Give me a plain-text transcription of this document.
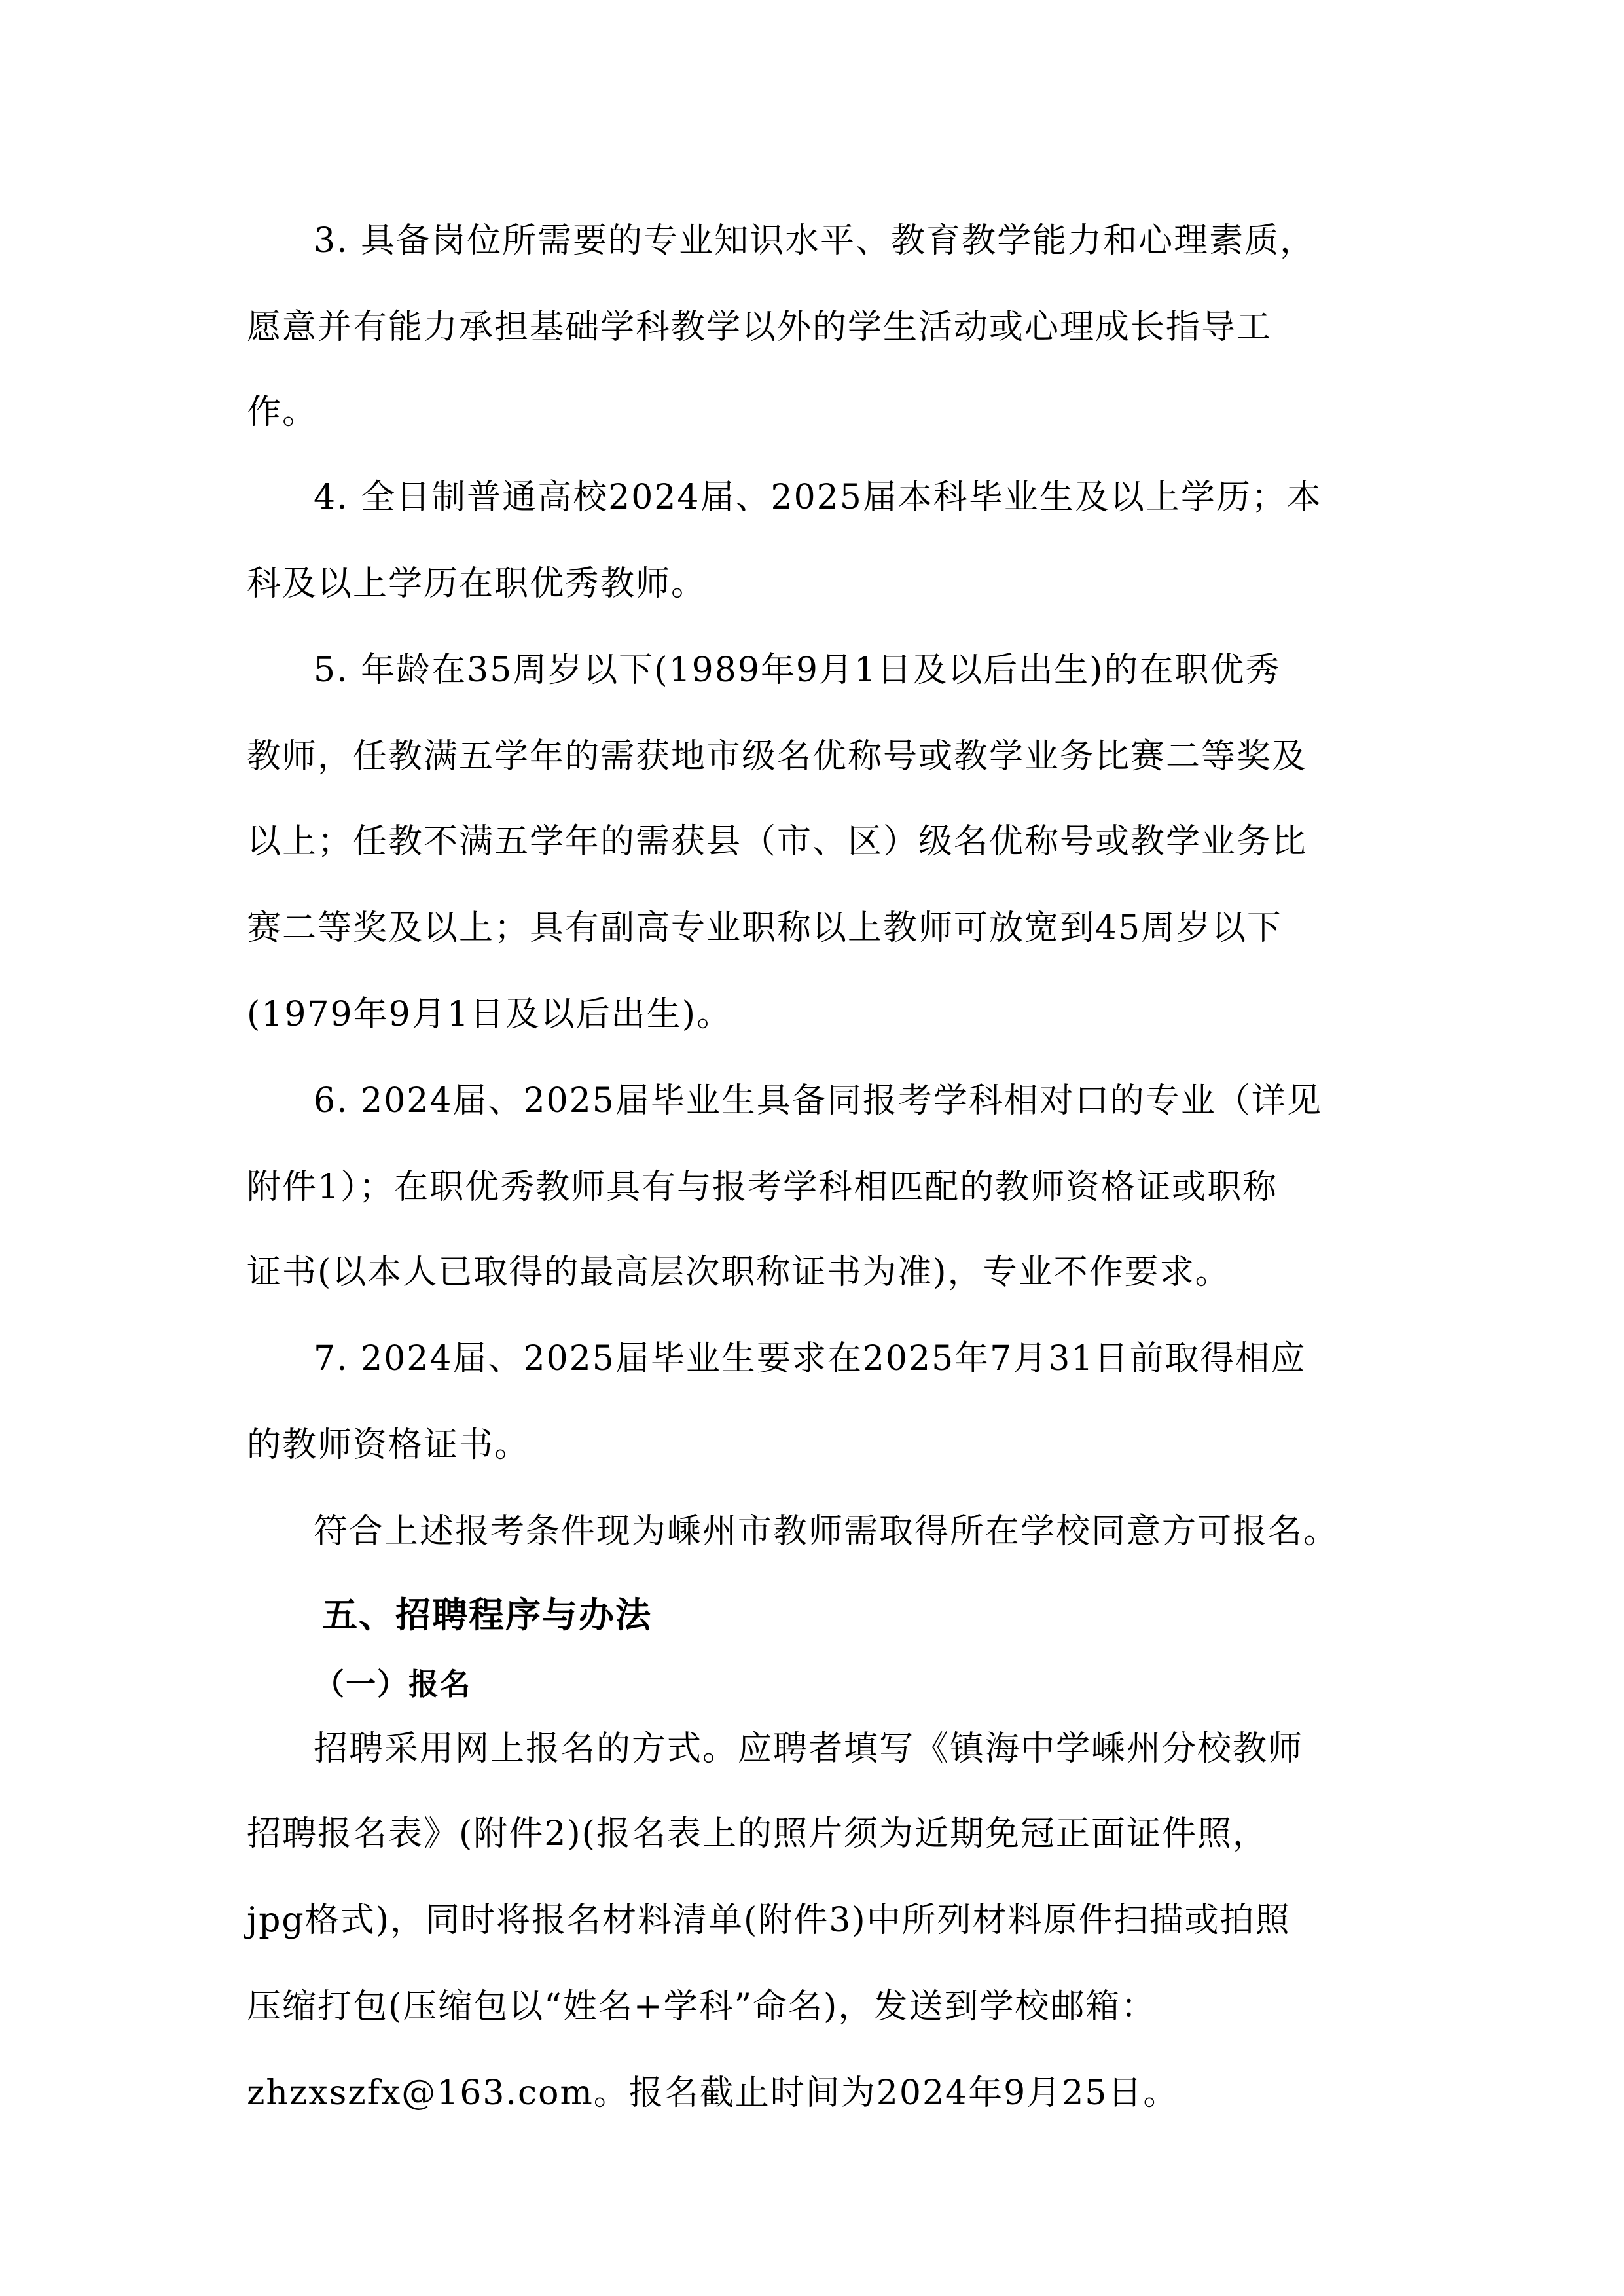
3. 具备岗位所需要的专业知识水平、教育教学能力和心理素质，
愿意并有能力承担基础学科教学以外的学生活动或心理成长指导工
作。
4. 全日制普通高校2024届、2025届本科毕业生及以上学历；本
科及以上学历在职优秀教师。
5. 年龄在35周岁以下(1989年9月1日及以后出生)的在职优秀
教师，任教满五学年的需获地市级名优称号或教学业务比赛二等奖及
以上；任教不满五学年的需获县（市、区）级名优称号或教学业务比
赛二等奖及以上；具有副高专业职称以上教师可放宽到45周岁以下
(1979年9月1日及以后出生)。
6. 2024届、2025届毕业生具备同报考学科相对口的专业（详见
附件1）；在职优秀教师具有与报考学科相匹配的教师资格证或职称
证书(以本人已取得的最高层次职称证书为准)，专业不作要求。
7. 2024届、2025届毕业生要求在2025年7月31日前取得相应
的教师资格证书。
符合上述报考条件现为嵊州市教师需取得所在学校同意方可报名。
五、招聘程序与办法
（一）报名
招聘采用网上报名的方式。应聘者填写《镇海中学嵊州分校教师
招聘报名表》(附件2)(报名表上的照片须为近期免冠正面证件照，
jpg格式)，同时将报名材料清单(附件3)中所列材料原件扫描或拍照
压缩打包(压缩包以“姓名+学科”命名)，发送到学校邮箱：
zhzxszfx@163.com。报名截止时间为2024年9月25日。
